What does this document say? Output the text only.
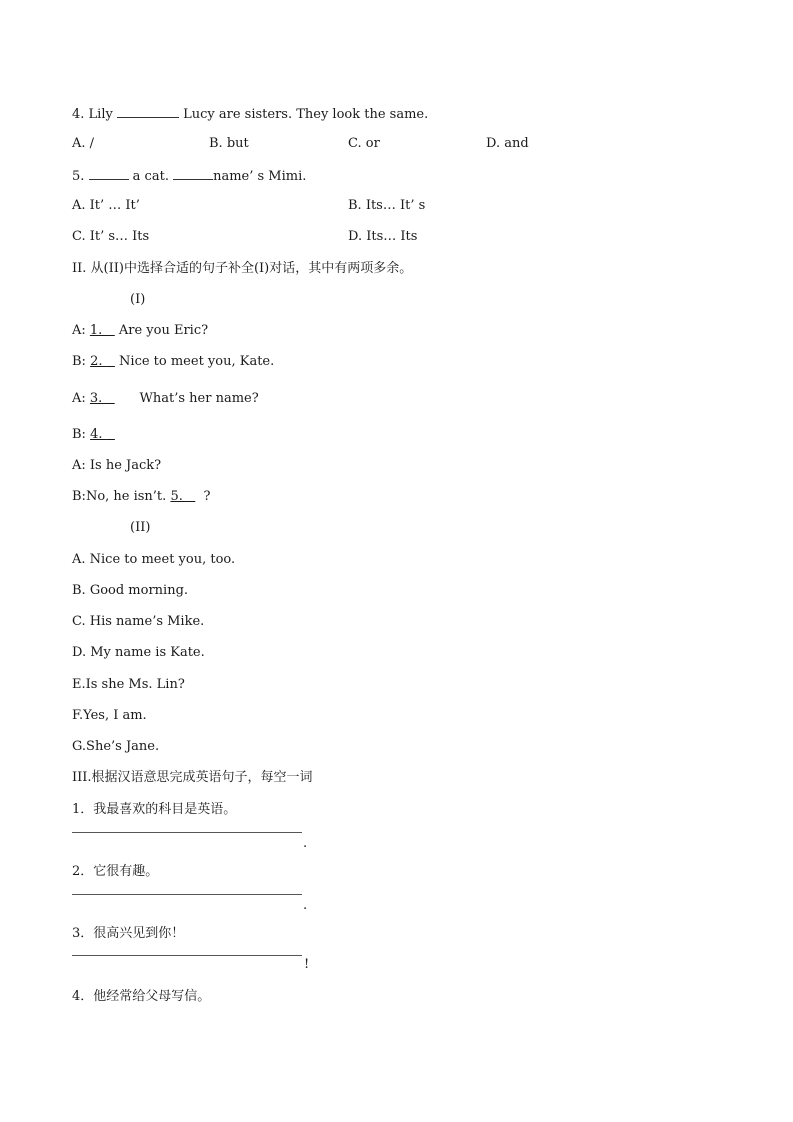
4. Lily	Lucy are sisters. They look the same.
A. /	B. but	C. or	D. and
5.	a cat.	name’ s Mimi.
A. It’ … It’	B. Its… It’ s
C. It’ s… Its	D. Its… Its
II. 从(II)中选择合适的句子补全(I)对话，其中有两项多余。
(I)
A: 1.    Are you Eric?
B: 2.    Nice to meet you, Kate.
A: 3.	What’s her name?
B: 4.
A: Is he Jack?
B:No, he isn’t. 5.     ?
(II)
A. Nice to meet you, too.
B. Good morning.
C. His name’s Mike.
D. My name is Kate.
E.Is she Ms. Lin?
F.Yes, I am.
G.She’s Jane.
III.根据汉语意思完成英语句子，每空一词
1．我最喜欢的科目是英语。
.
2．它很有趣。
.
3．很高兴见到你！
!
4．他经常给父母写信。
